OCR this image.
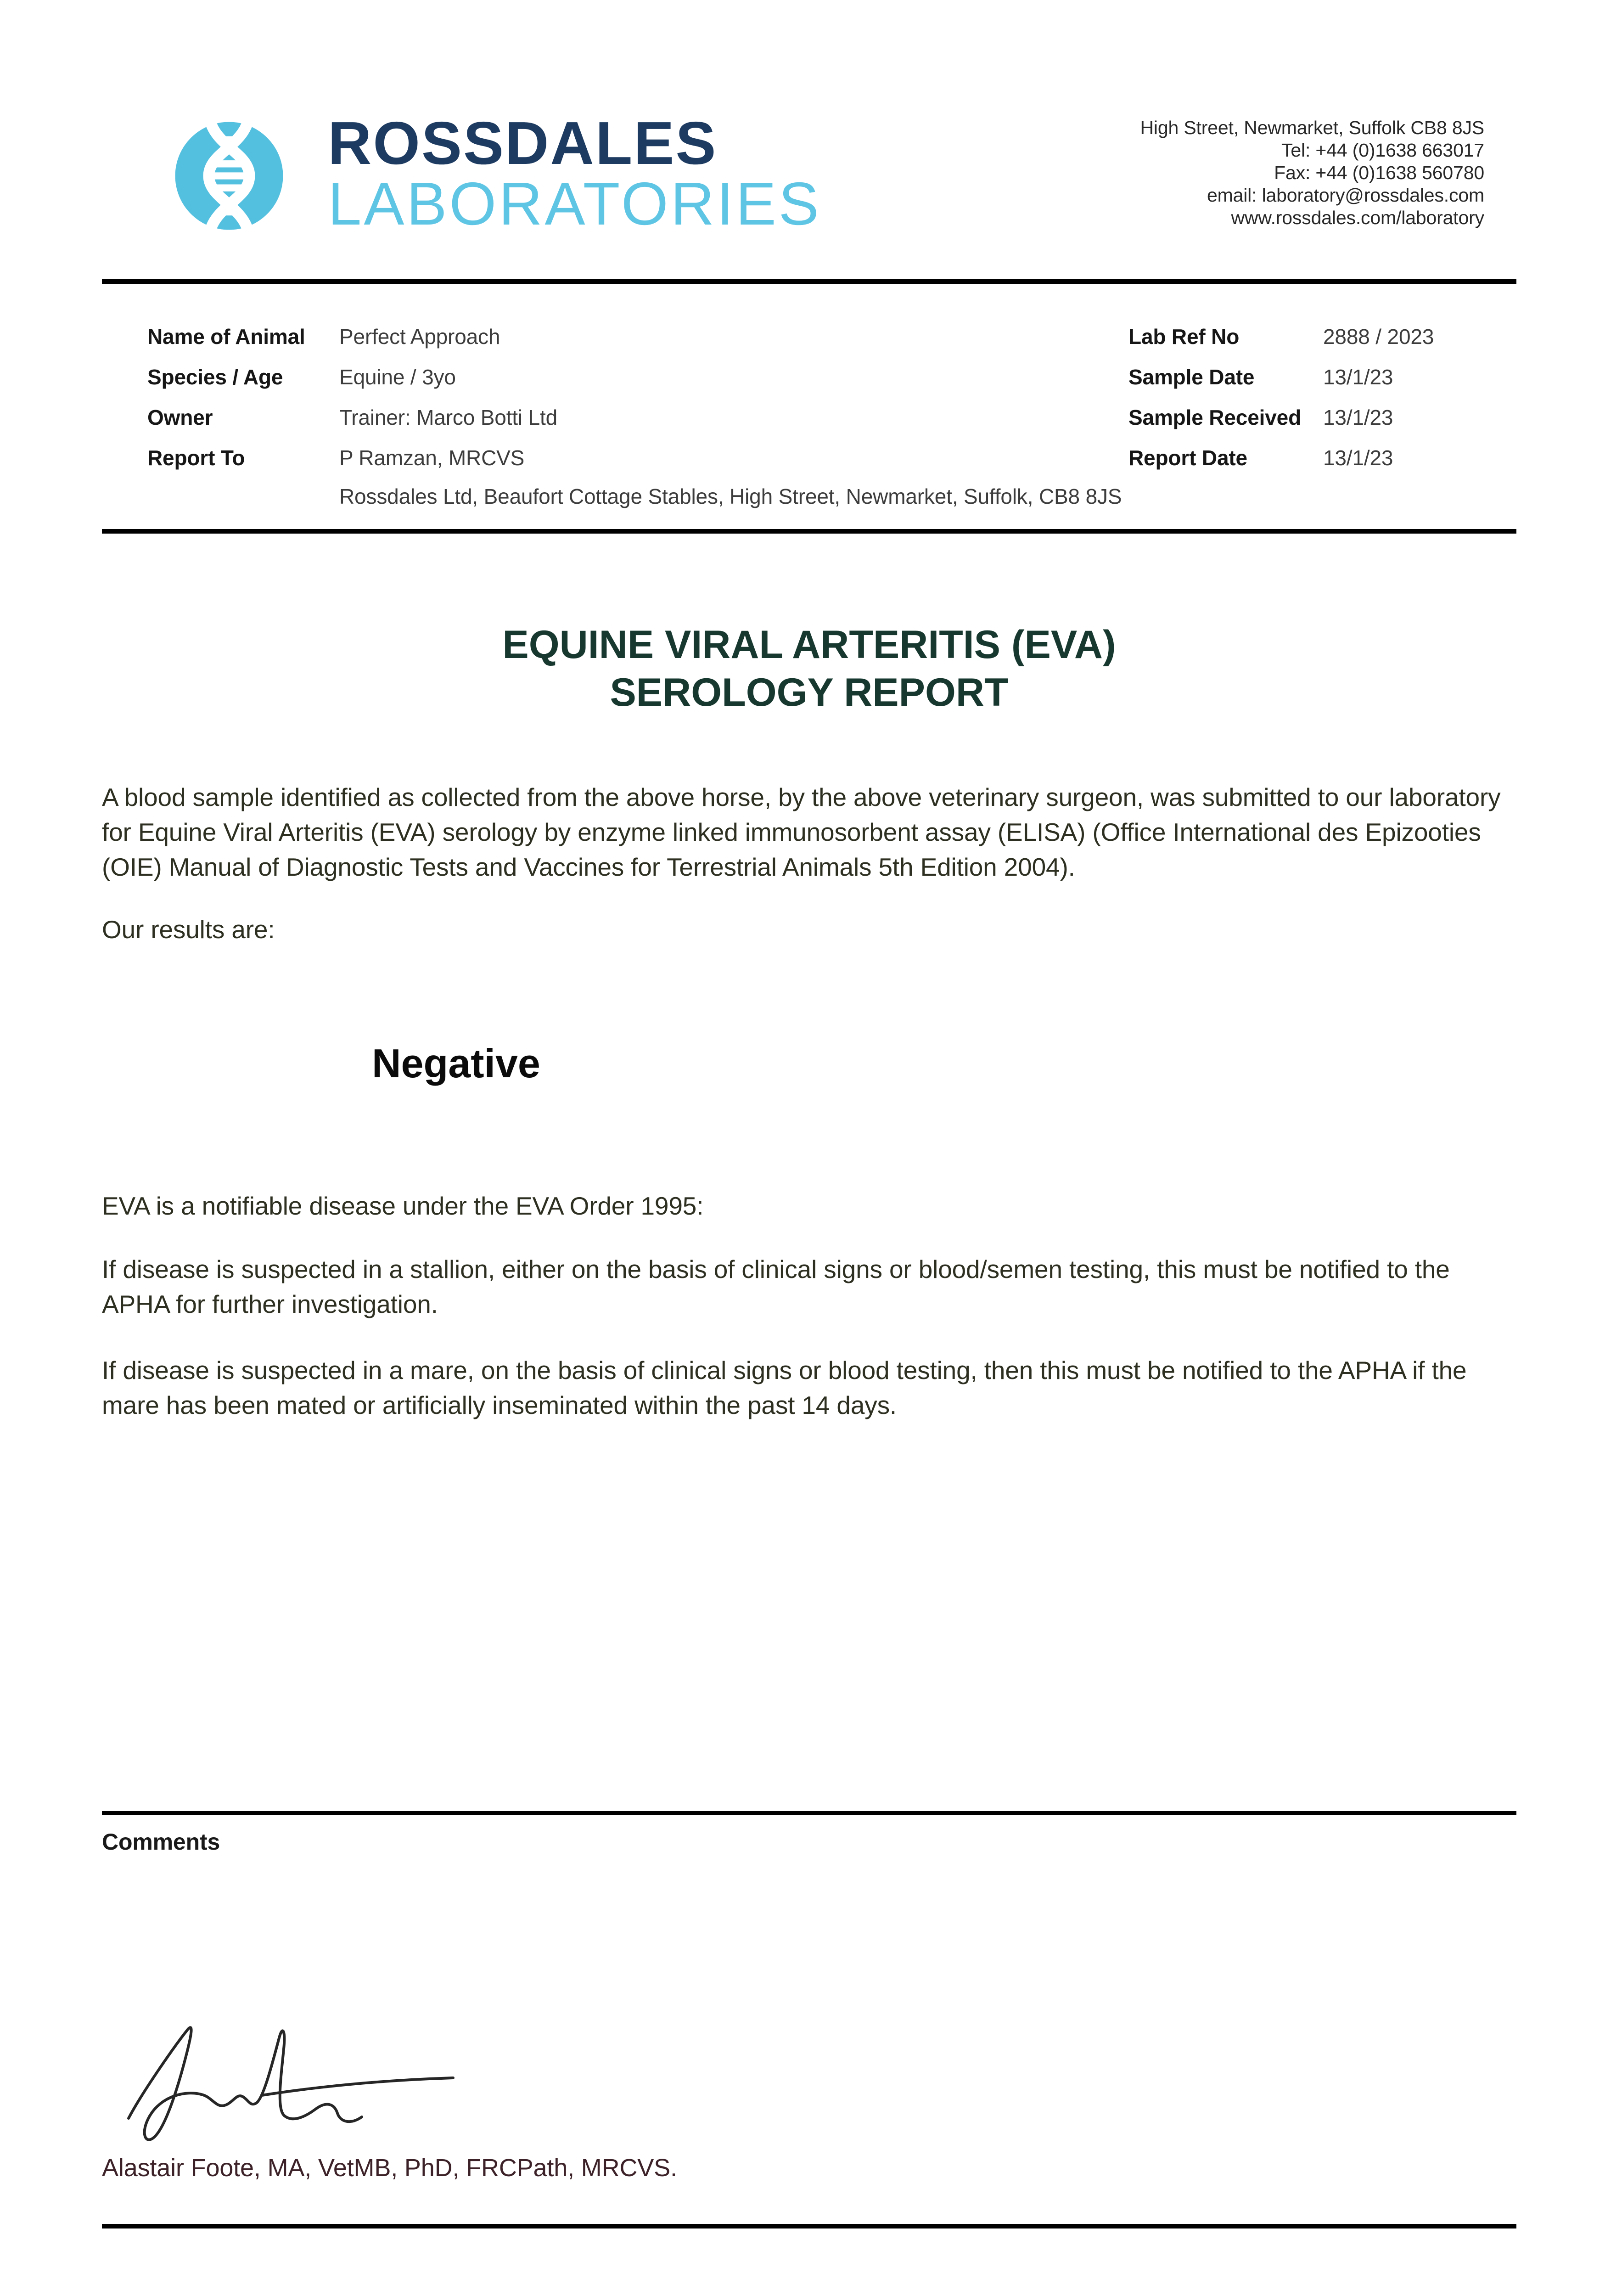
ROSSDALES
LABORATORIES
High Street, Newmarket, Suffolk CB8 8JS
Tel: +44 (0)1638 663017
Fax: +44 (0)1638 560780
email: laboratory@rossdales.com
www.rossdales.com/laboratory
Name of Animal Perfect Approach
Species / Age	Equine / 3yo
Owner	Trainer: Marco Botti Ltd
Report To	P Ramzan, MRCVS
Rossdales Ltd, Beaufort Cottage Stables, High Street, Newmarket, Suffolk, CB8 8JS
Lab Ref No	2888 / 2023
Sample Date	13/1/23
Sample Received 13/1/23
Report Date	13/1/23
EQUINE VIRAL ARTERITIS (EVA)
SEROLOGY REPORT
A blood sample identified as collected from the above horse, by the above veterinary surgeon, was submitted to our laboratory for Equine Viral Arteritis (EVA) serology by enzyme linked immunosorbent assay (ELISA) (Office International des Epizooties (OIE) Manual of Diagnostic Tests and Vaccines for Terrestrial Animals 5th Edition 2004).
Our results are:
Negative
EVA is a notifiable disease under the EVA Order 1995:
If disease is suspected in a stallion, either on the basis of clinical signs or blood/semen testing, this must be notified to the APHA for further investigation.
If disease is suspected in a mare, on the basis of clinical signs or blood testing, then this must be notified to the APHA if the mare has been mated or artificially inseminated within the past 14 days.
Comments
Alastair Foote, MA, VetMB, PhD, FRCPath, MRCVS.
